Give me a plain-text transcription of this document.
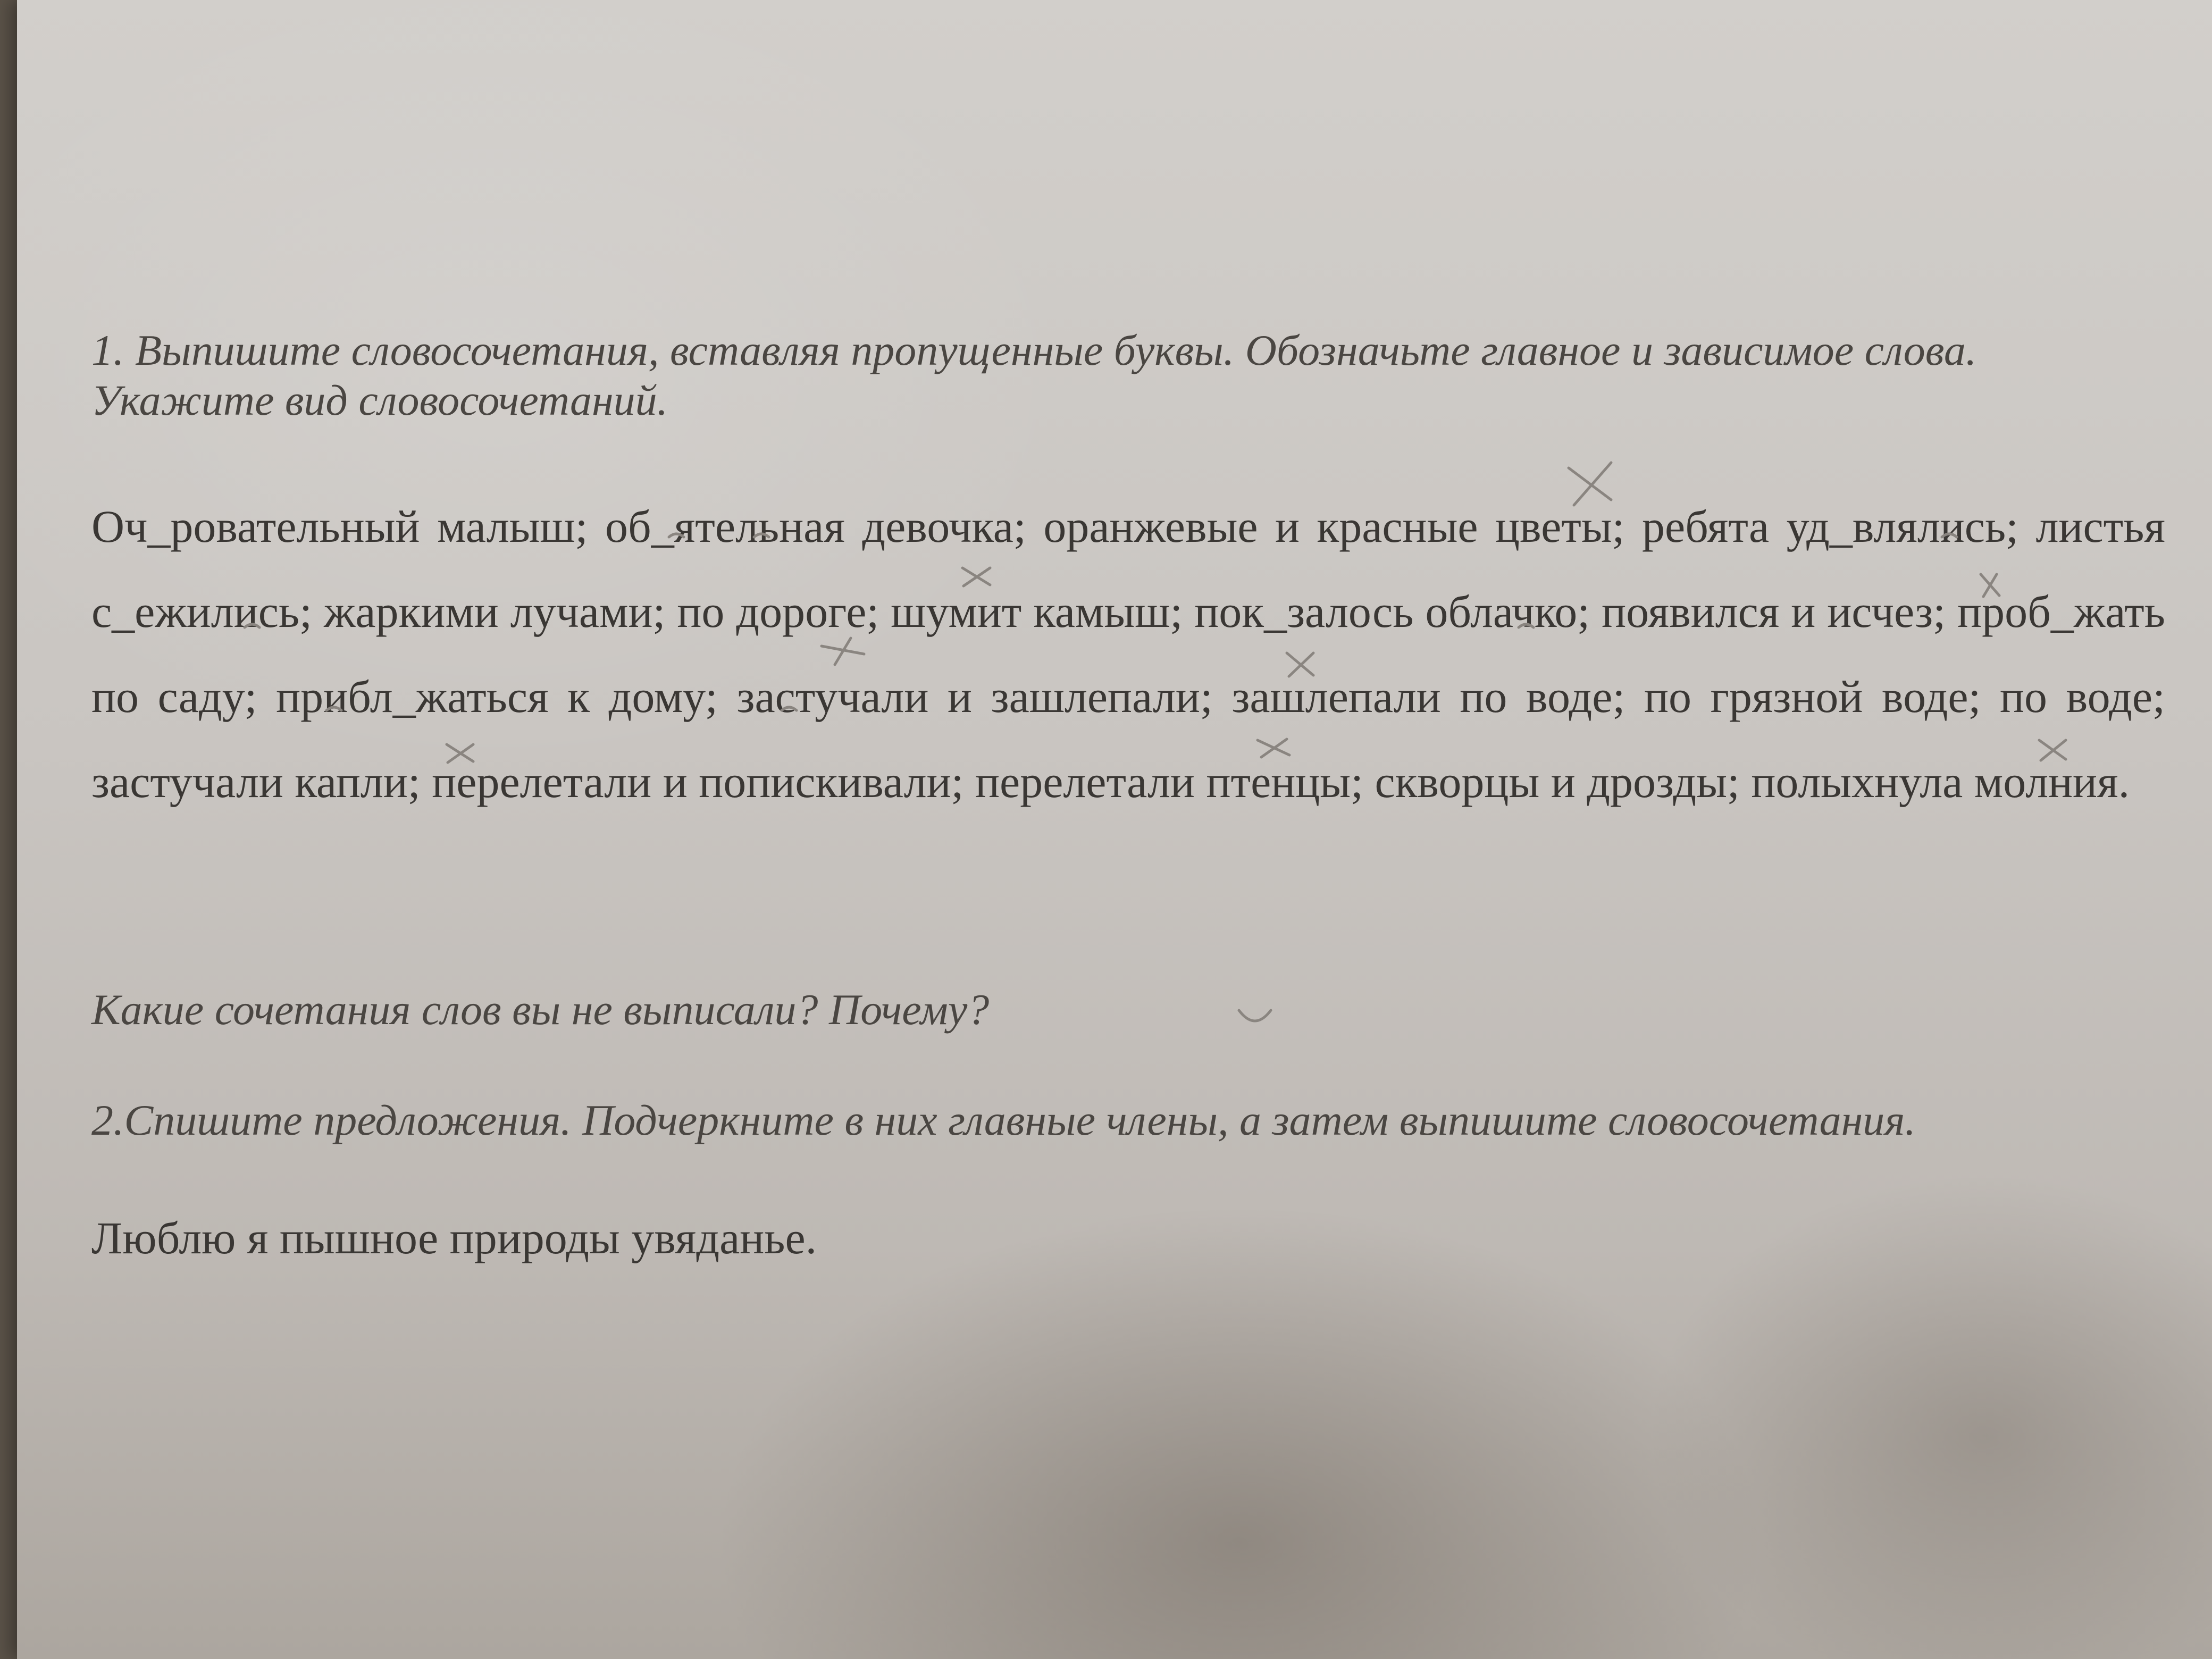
1. Выпишите словосочетания, вставляя пропущенные буквы. Обозначьте главное и зависимое слова. Укажите вид словосочетаний.

Оч_ровательный малыш; об_ятельная девочка; оранжевые и красные цветы; ребята уд_влялись; листья с_ежились; жаркими лучами; по дороге; шумит камыш; пок_залось облачко; появился и исчез; проб_жать по саду; прибл_жаться к дому; застучали и зашлепали; зашлепали по воде; по грязной воде; по воде; застучали капли; перелетали и попискивали; перелетали птенцы; скворцы и дрозды; полыхнула молния.

Какие сочетания слов вы не выписали? Почему?

2.Спишите предложения. Подчеркните в них главные члены, а затем выпишите словосочетания.

Люблю я пышное природы увяданье.
